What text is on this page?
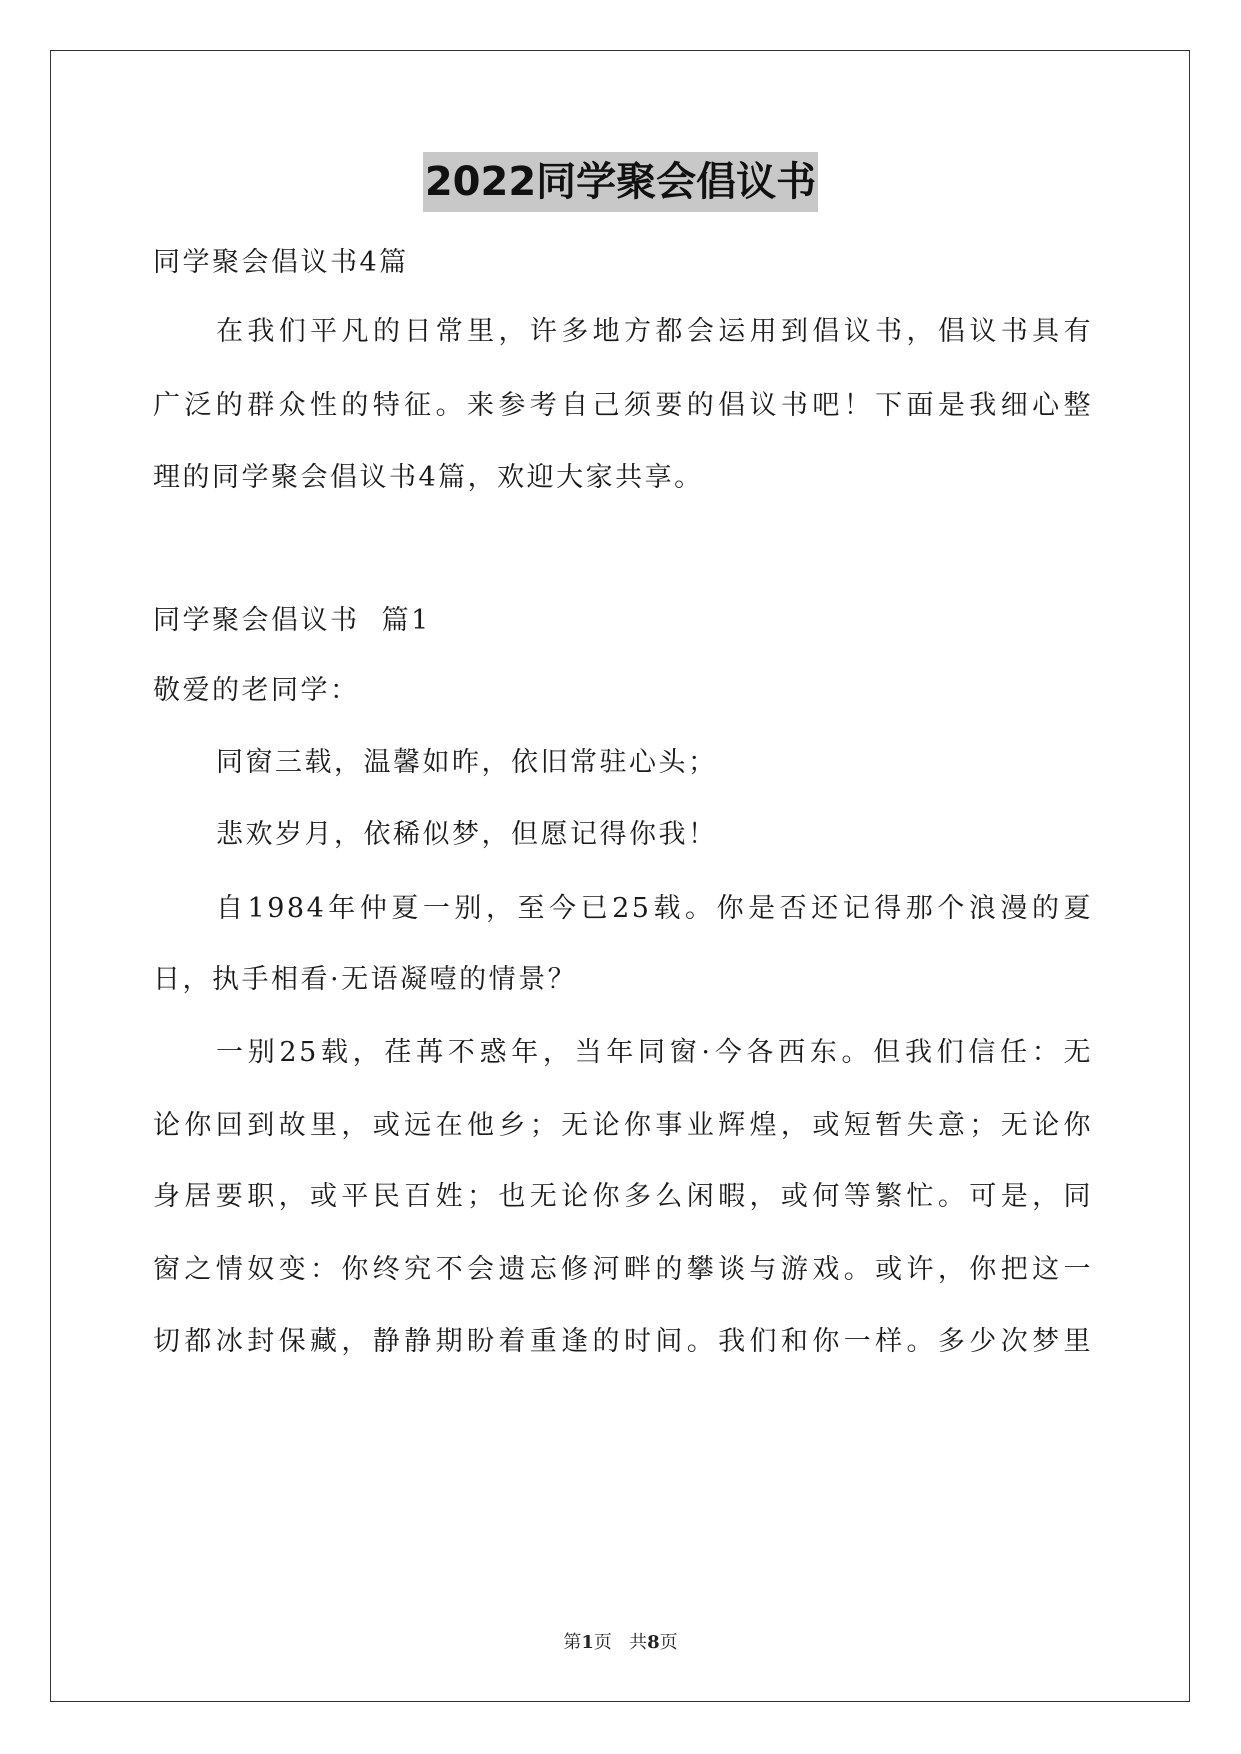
2022同学聚会倡议书
同学聚会倡议书4篇
在我们平凡的日常里，许多地方都会运用到倡议书，倡议书具有
广泛的群众性的特征。来参考自己须要的倡议书吧！下面是我细心整
理的同学聚会倡议书4篇，欢迎大家共享。
同学聚会倡议书  篇1
敬爱的老同学：
同窗三载，温馨如昨，依旧常驻心头；
悲欢岁月，依稀似梦，但愿记得你我！
自1984年仲夏一别，至今已25载。你是否还记得那个浪漫的夏
日，执手相看·无语凝噎的情景？
一别25载，荏苒不惑年，当年同窗·今各西东。但我们信任：无
论你回到故里，或远在他乡；无论你事业辉煌，或短暂失意；无论你
身居要职，或平民百姓；也无论你多么闲暇，或何等繁忙。可是，同
窗之情奴变：你终究不会遗忘修河畔的攀谈与游戏。或许，你把这一
切都冰封保藏，静静期盼着重逢的时间。我们和你一样。多少次梦里
第1页   共8页
